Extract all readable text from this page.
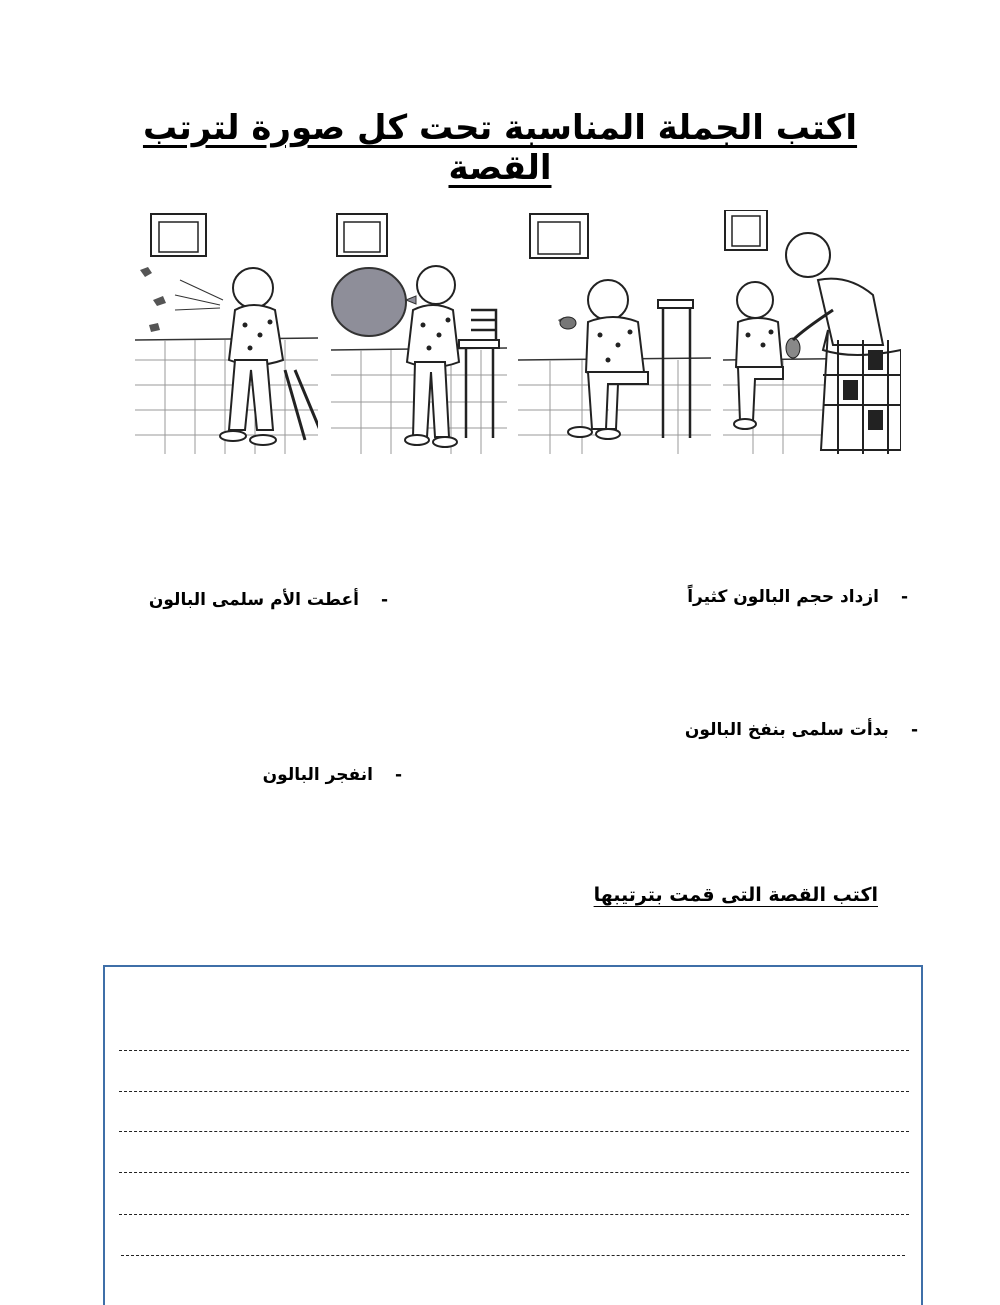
اكتب الجملة المناسبة تحت كل صورة لترتب القصة
-ازداد حجم البالون كثيراً
-أعطت الأم سلمى البالون
-بدأت سلمى بنفخ البالون
-انفجر البالون
اكتب القصة التى قمت بترتيبها
